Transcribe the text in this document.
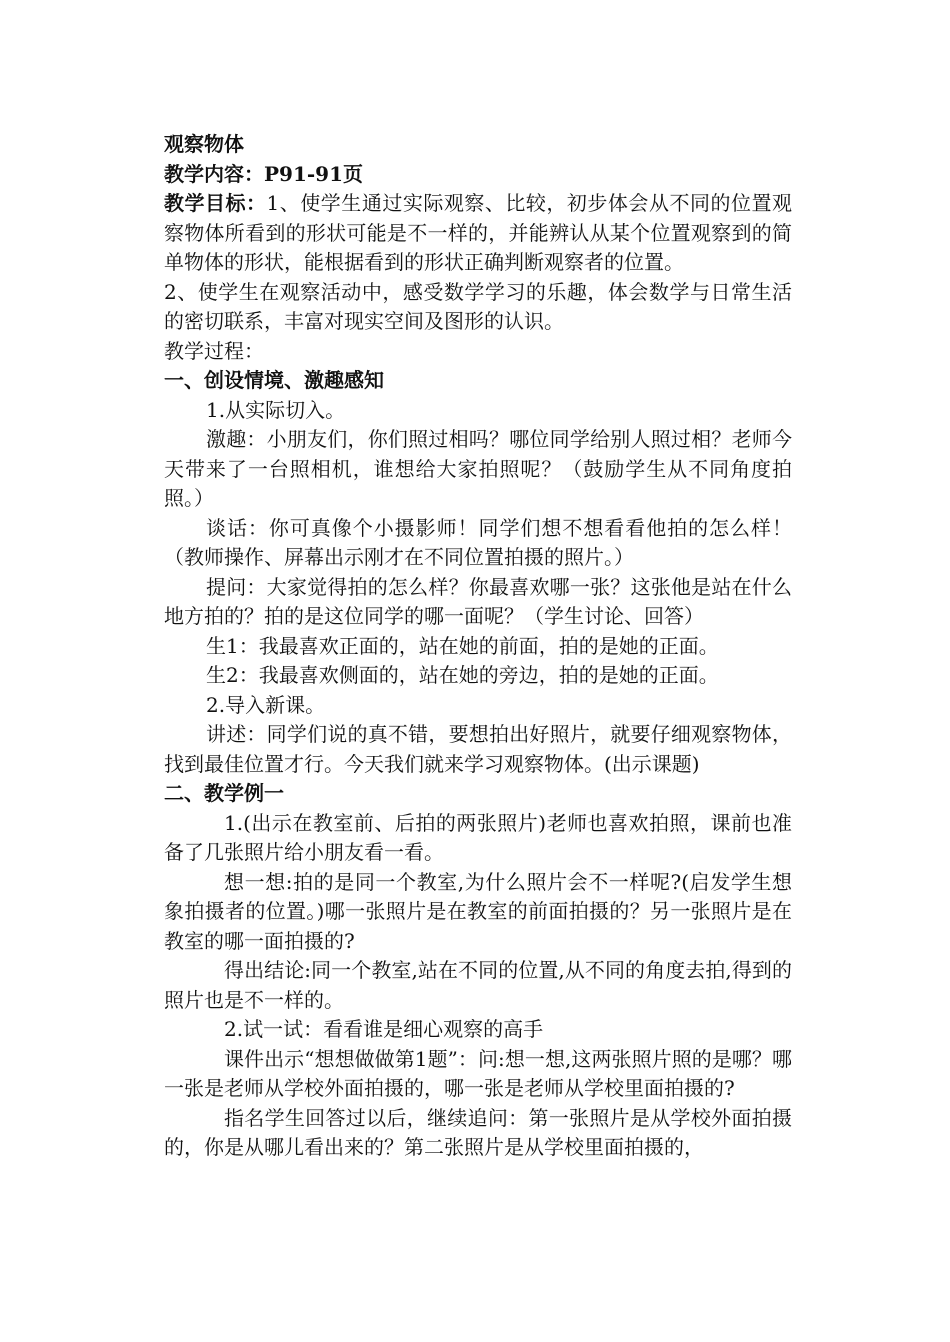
观察物体

教学内容：P91-91页

教学目标：1、使学生通过实际观察、比较，初步体会从不同的位置观察物体所看到的形状可能是不一样的，并能辨认从某个位置观察到的简单物体的形状，能根据看到的形状正确判断观察者的位置。

2、使学生在观察活动中，感受数学学习的乐趣，体会数学与日常生活的密切联系，丰富对现实空间及图形的认识。

教学过程：

一、创设情境、激趣感知

1.从实际切入。

激趣：小朋友们，你们照过相吗？哪位同学给别人照过相？老师今天带来了一台照相机，谁想给大家拍照呢？（鼓励学生从不同角度拍照。）

谈话：你可真像个小摄影师！同学们想不想看看他拍的怎么样！（教师操作、屏幕出示刚才在不同位置拍摄的照片。）

提问：大家觉得拍的怎么样？你最喜欢哪一张？这张他是站在什么地方拍的？拍的是这位同学的哪一面呢？（学生讨论、回答）

生1：我最喜欢正面的，站在她的前面，拍的是她的正面。

生2：我最喜欢侧面的，站在她的旁边，拍的是她的正面。

2.导入新课。

讲述：同学们说的真不错，要想拍出好照片，就要仔细观察物体，找到最佳位置才行。今天我们就来学习观察物体。(出示课题)

二、教学例一

1.(出示在教室前、后拍的两张照片)老师也喜欢拍照，课前也准备了几张照片给小朋友看一看。

想一想:拍的是同一个教室,为什么照片会不一样呢?(启发学生想象拍摄者的位置。)哪一张照片是在教室的前面拍摄的？另一张照片是在教室的哪一面拍摄的?

得出结论:同一个教室,站在不同的位置,从不同的角度去拍,得到的照片也是不一样的。

2.试一试：看看谁是细心观察的高手

课件出示“想想做做第1题”：问:想一想,这两张照片照的是哪？哪一张是老师从学校外面拍摄的，哪一张是老师从学校里面拍摄的?

指名学生回答过以后，继续追问：第一张照片是从学校外面拍摄的，你是从哪儿看出来的？第二张照片是从学校里面拍摄的，
